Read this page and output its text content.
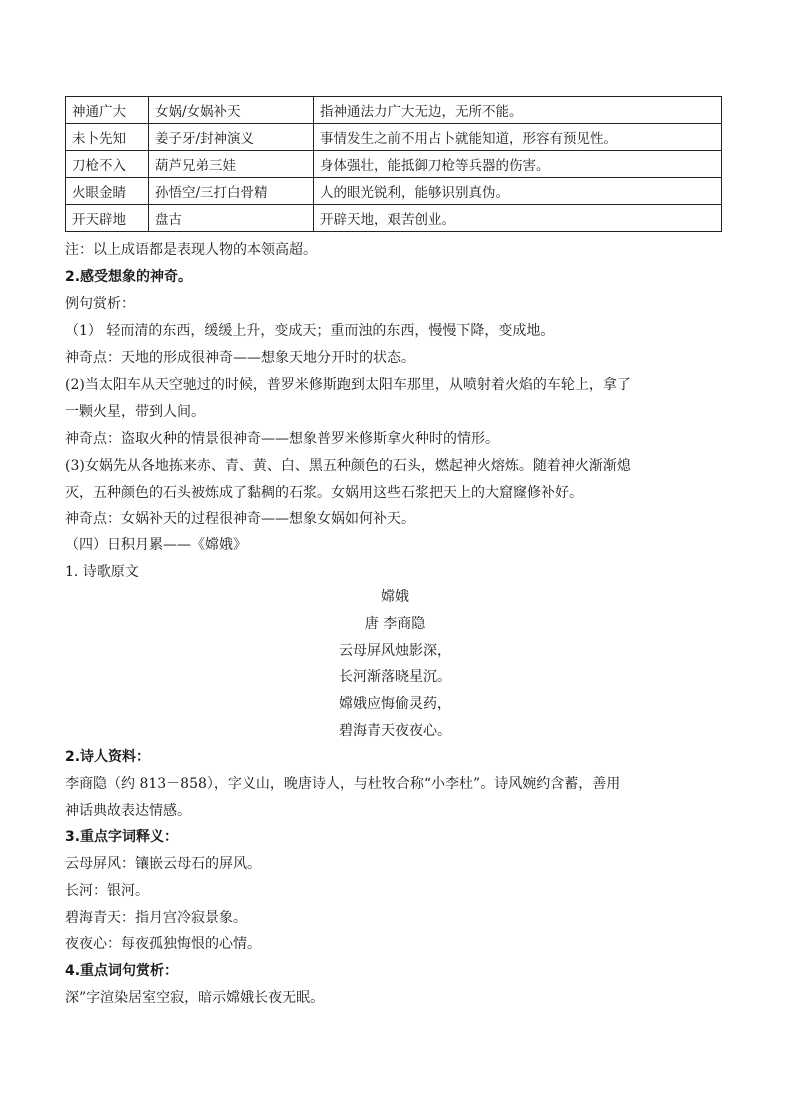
神通广大	女娲/女娲补天	指神通法力广大无边，无所不能。
未卜先知	姜子牙/封神演义	事情发生之前不用占卜就能知道，形容有预见性。
刀枪不入	葫芦兄弟三娃	身体强壮，能抵御刀枪等兵器的伤害。
火眼金睛	孙悟空/三打白骨精	人的眼光锐利，能够识别真伪。
开天辟地	盘古	开辟天地，艰苦创业。
注：以上成语都是表现人物的本领高超。
2.感受想象的神奇。
例句赏析：
（1） 轻而清的东西，缓缓上升，变成天；重而浊的东西，慢慢下降，变成地。
神奇点：天地的形成很神奇——想象天地分开时的状态。
(2)当太阳车从天空驰过的时候，普罗米修斯跑到太阳车那里，从喷射着火焰的车轮上，拿了
一颗火星，带到人间。
神奇点：盗取火种的情景很神奇——想象普罗米修斯拿火种时的情形。
(3)女娲先从各地拣来赤、青、黄、白、黑五种颜色的石头，燃起神火熔炼。随着神火渐渐熄
灭，五种颜色的石头被炼成了黏稠的石浆。女娲用这些石浆把天上的大窟窿修补好。
神奇点：女娲补天的过程很神奇——想象女娲如何补天。
（四）日积月累——《嫦娥》
1. 诗歌原文
嫦娥
唐 李商隐
云母屏风烛影深，
长河渐落晓星沉。
嫦娥应悔偷灵药，
碧海青天夜夜心。
2.诗人资料：
李商隐（约 813－858），字义山，晚唐诗人，与杜牧合称“小李杜”。诗风婉约含蓄，善用
神话典故表达情感。
3.重点字词释义：
云母屏风：镶嵌云母石的屏风。
长河：银河。
碧海青天：指月宫冷寂景象。
夜夜心：每夜孤独悔恨的心情。
4.重点词句赏析：
深”字渲染居室空寂，暗示嫦娥长夜无眠。
